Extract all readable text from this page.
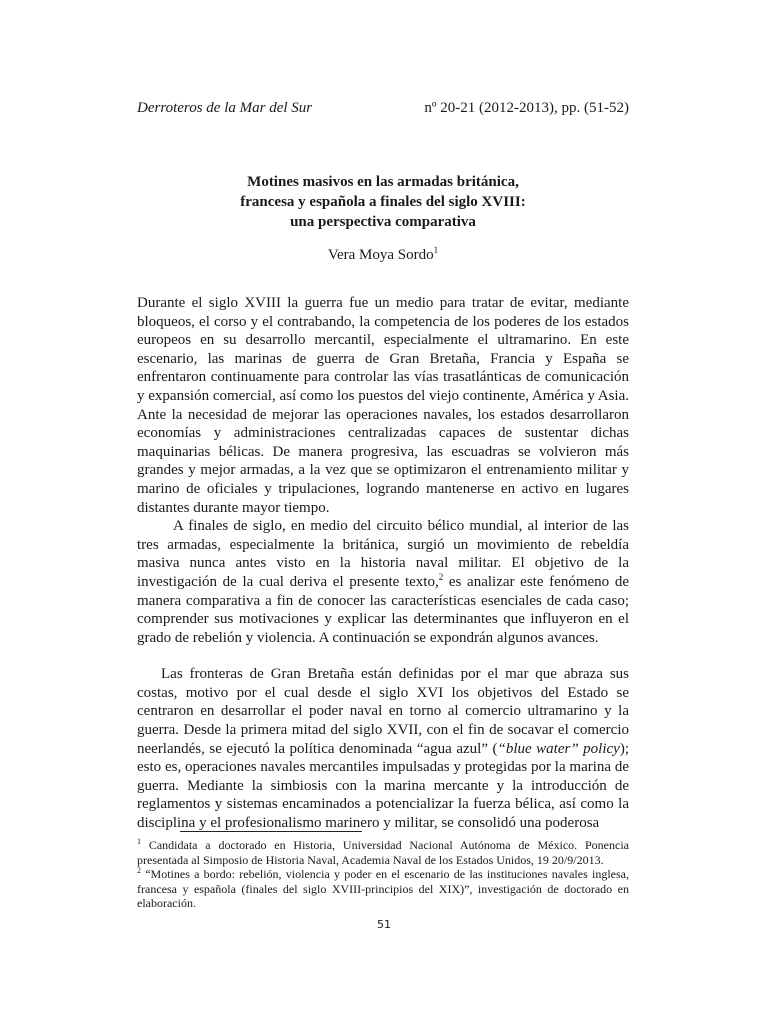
Derroteros de la Mar del Sur	nº 20-21 (2012-2013), pp. (51-52)
Motines masivos en las armadas británica,
francesa y española a finales del siglo XVIII:
una perspectiva comparativa
Vera Moya Sordo$^1$

Durante el siglo XVIII la guerra fue un medio para tratar de evitar, mediante bloqueos, el corso y el contrabando, la competencia de los poderes de los estados europeos en su desarrollo mercantil, especialmente el ultramarino. En este escenario, las marinas de guerra de Gran Bretaña, Francia y España se enfrentaron continuamente para controlar las vías trasatlánticas de comunicación y expansión comercial, así como los puestos del viejo continente, América y Asia. Ante la necesidad de mejorar las operaciones navales, los estados desarrollaron economías y administraciones centralizadas capaces de sustentar dichas maquinarias bélicas. De manera progresiva, las escuadras se volvieron más grandes y mejor armadas, a la vez que se optimizaron el entrenamiento militar y marino de oficiales y tripulaciones, logrando mantenerse en activo en lugares distantes durante mayor tiempo.

A finales de siglo, en medio del circuito bélico mundial, al interior de las tres armadas, especialmente la británica, surgió un movimiento de rebeldía masiva nunca antes visto en la historia naval militar. El objetivo de la investigación de la cual deriva el presente texto,$^2$ es analizar este fenómeno de manera comparativa a fin de conocer las características esenciales de cada caso; comprender sus motivaciones y explicar las determinantes que influyeron en el grado de rebelión y violencia. A continuación se expondrán algunos avances.

Las fronteras de Gran Bretaña están definidas por el mar que abraza sus costas, motivo por el cual desde el siglo XVI los objetivos del Estado se centraron en desarrollar el poder naval en torno al comercio ultramarino y la guerra. Desde la primera mitad del siglo XVII, con el fin de socavar el comercio neerlandés, se ejecutó la política denominada “agua azul” (“blue water” policy); esto es, operaciones navales mercantiles impulsadas y protegidas por la marina de guerra. Mediante la simbiosis con la marina mercante y la introducción de reglamentos y sistemas encaminados a potencializar la fuerza bélica, así como la disciplina y el profesionalismo marinero y militar, se consolidó una poderosa

$^1$ Candidata a doctorado en Historia, Universidad Nacional Autónoma de México. Ponencia presentada al Simposio de Historia Naval, Academia Naval de los Estados Unidos, 19 20/9/2013.

$^2$ “Motines a bordo: rebelión, violencia y poder en el escenario de las instituciones navales inglesa, francesa y española (finales del siglo XVIII-principios del XIX)”, investigación de doctorado en elaboración.

51
